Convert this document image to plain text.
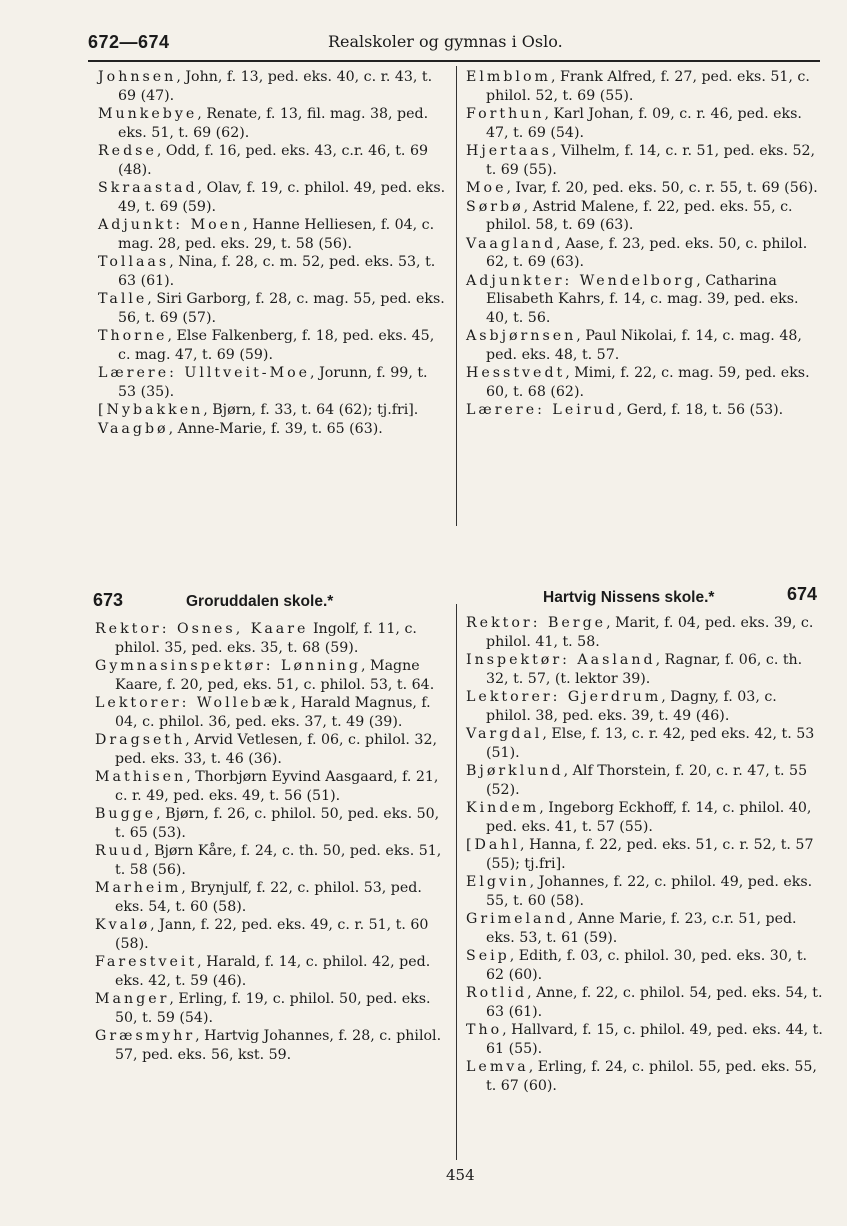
672—674	Realskoler og gymnas i Oslo.

Johnsen, John, f. 13, ped. eks. 40, c. r. 43, t. 69 (47).

Munkebye, Renate, f. 13, fil. mag. 38, ped. eks. 51, t. 69 (62).

Redse, Odd, f. 16, ped. eks. 43, c.r. 46, t. 69 (48).

Skraastad, Olav, f. 19, c. philol. 49, ped. eks. 49, t. 69 (59).

Adjunkt: Moen, Hanne Helliesen, f. 04, c. mag. 28, ped. eks. 29, t. 58 (56).

Tollaas, Nina, f. 28, c. m. 52, ped. eks. 53, t. 63 (61).

Talle, Siri Garborg, f. 28, c. mag. 55, ped. eks. 56, t. 69 (57).

Thorne, Else Falkenberg, f. 18, ped. eks. 45, c. mag. 47, t. 69 (59).

Lærere: Ulltveit-Moe, Jorunn, f. 99, t. 53 (35).

[Nybakken, Bjørn, f. 33, t. 64 (62); tj.fri].

Vaagbø, Anne-Marie, f. 39, t. 65 (63).

Elmblom, Frank Alfred, f. 27, ped. eks. 51, c. philol. 52, t. 69 (55).

Forthun, Karl Johan, f. 09, c. r. 46, ped. eks. 47, t. 69 (54).

Hjertaas, Vilhelm, f. 14, c. r. 51, ped. eks. 52, t. 69 (55).

Moe, Ivar, f. 20, ped. eks. 50, c. r. 55, t. 69 (56).

Sørbø, Astrid Malene, f. 22, ped. eks. 55, c. philol. 58, t. 69 (63).

Vaagland, Aase, f. 23, ped. eks. 50, c. philol. 62, t. 69 (63).

Adjunkter: Wendelborg, Catharina Elisabeth Kahrs, f. 14, c. mag. 39, ped. eks. 40, t. 56.

Asbjørnsen, Paul Nikolai, f. 14, c. mag. 48, ped. eks. 48, t. 57.

Hesstvedt, Mimi, f. 22, c. mag. 59, ped. eks. 60, t. 68 (62).

Lærere: Leirud, Gerd, f. 18, t. 56 (53).

673	Groruddalen skole.*	Hartvig Nissens skole.*	674

Rektor: Osnes, Kaare Ingolf, f. 11, c. philol. 35, ped. eks. 35, t. 68 (59).

Gymnasinspektør: Lønning, Magne Kaare, f. 20, ped, eks. 51, c. philol. 53, t. 64.

Lektorer: Wollebæk, Harald Magnus, f. 04, c. philol. 36, ped. eks. 37, t. 49 (39).

Dragseth, Arvid Vetlesen, f. 06, c. philol. 32, ped. eks. 33, t. 46 (36).

Mathisen, Thorbjørn Eyvind Aasgaard, f. 21, c. r. 49, ped. eks. 49, t. 56 (51).

Bugge, Bjørn, f. 26, c. philol. 50, ped. eks. 50, t. 65 (53).

Ruud, Bjørn Kåre, f. 24, c. th. 50, ped. eks. 51, t. 58 (56).

Marheim, Brynjulf, f. 22, c. philol. 53, ped. eks. 54, t. 60 (58).

Kvalø, Jann, f. 22, ped. eks. 49, c. r. 51, t. 60 (58).

Farestveit, Harald, f. 14, c. philol. 42, ped. eks. 42, t. 59 (46).

Manger, Erling, f. 19, c. philol. 50, ped. eks. 50, t. 59 (54).

Græsmyhr, Hartvig Johannes, f. 28, c. philol. 57, ped. eks. 56, kst. 59.

Rektor: Berge, Marit, f. 04, ped. eks. 39, c. philol. 41, t. 58.

Inspektør: Aasland, Ragnar, f. 06, c. th. 32, t. 57, (t. lektor 39).

Lektorer: Gjerdrum, Dagny, f. 03, c. philol. 38, ped. eks. 39, t. 49 (46).

Vargdal, Else, f. 13, c. r. 42, ped eks. 42, t. 53 (51).

Bjørklund, Alf Thorstein, f. 20, c. r. 47, t. 55 (52).

Kindem, Ingeborg Eckhoff, f. 14, c. philol. 40, ped. eks. 41, t. 57 (55).

[Dahl, Hanna, f. 22, ped. eks. 51, c. r. 52, t. 57 (55); tj.fri].

Elgvin, Johannes, f. 22, c. philol. 49, ped. eks. 55, t. 60 (58).

Grimeland, Anne Marie, f. 23, c.r. 51, ped. eks. 53, t. 61 (59).

Seip, Edith, f. 03, c. philol. 30, ped. eks. 30, t. 62 (60).

Rotlid, Anne, f. 22, c. philol. 54, ped. eks. 54, t. 63 (61).

Tho, Hallvard, f. 15, c. philol. 49, ped. eks. 44, t. 61 (55).

Lemva, Erling, f. 24, c. philol. 55, ped. eks. 55, t. 67 (60).

454
